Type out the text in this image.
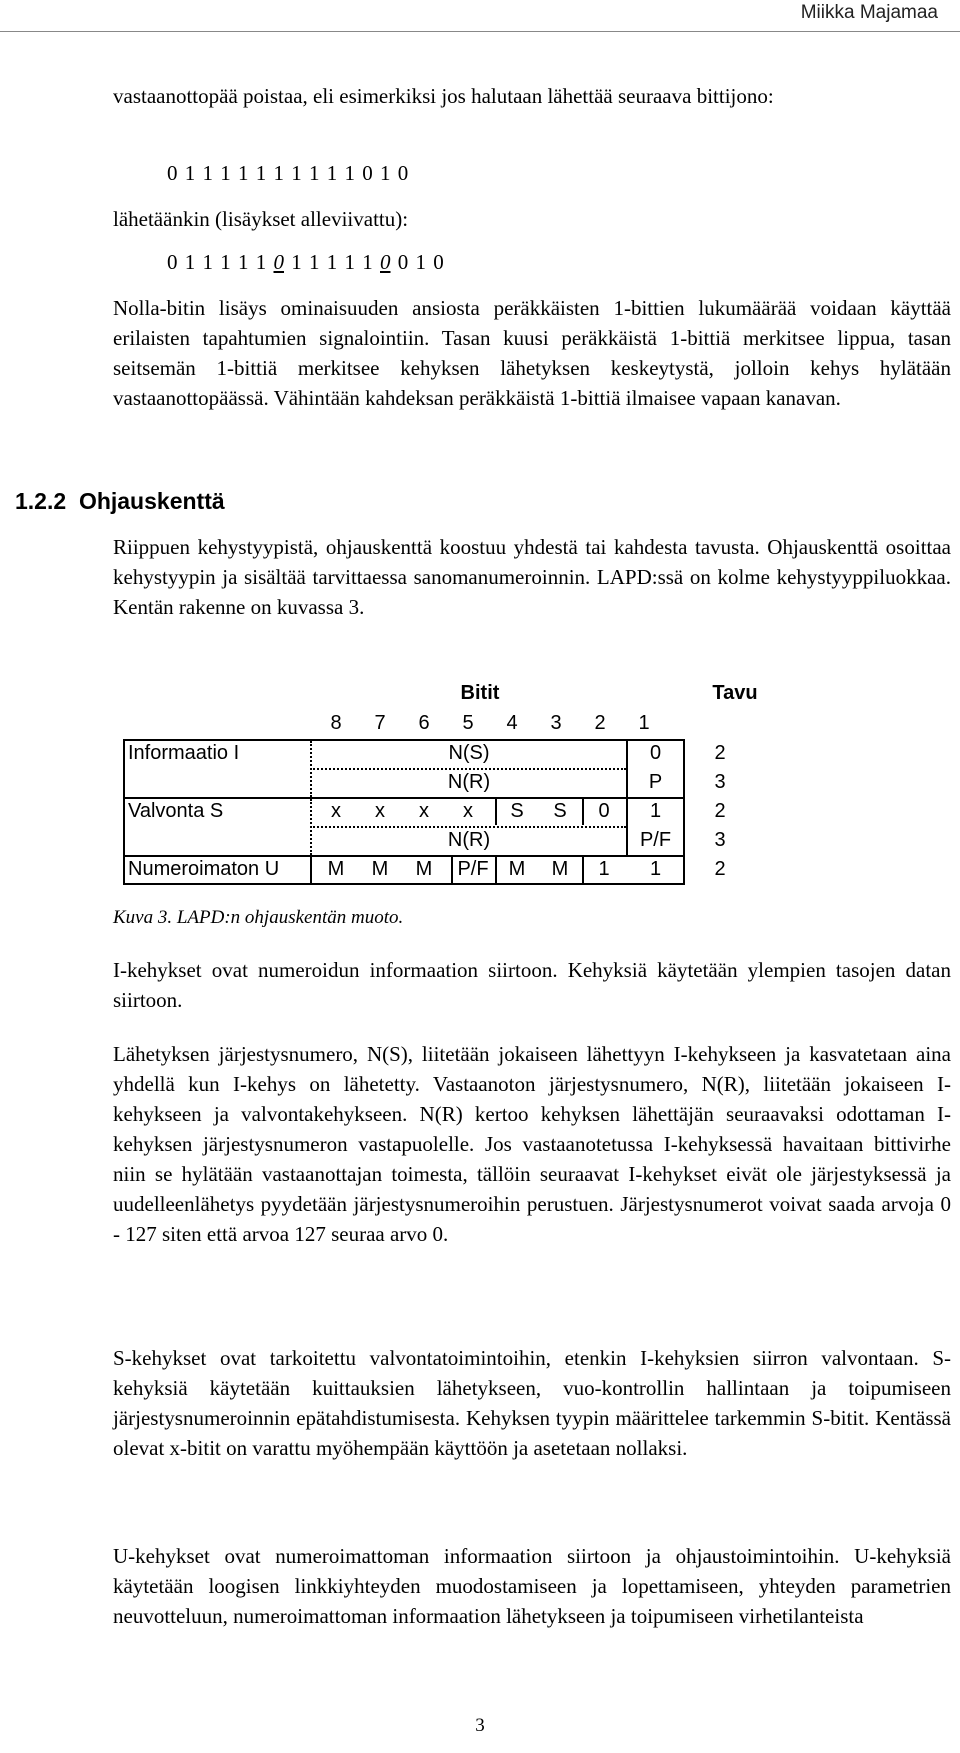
Miikka Majamaa

vastaanottopää poistaa, eli esimerkiksi jos halutaan lähettää seuraava bittijono:

0 1 1 1 1 1 1 1 1 1 1 0 1 0

lähetäänkin (lisäykset alleviivattu):

0 1 1 1 1 1 0 1 1 1 1 1 0 0 1 0

Nolla-bitin lisäys ominaisuuden ansiosta peräkkäisten 1-bittien lukumäärää voidaan käyttää erilaisten tapahtumien signalointiin. Tasan kuusi peräkkäistä 1-bittiä merkitsee lippua, tasan seitsemän 1-bittiä merkitsee kehyksen lähetyksen keskeytystä, jolloin kehys hylätään vastaanottopäässä. Vähintään kahdeksan peräkkäistä 1-bittiä ilmaisee vapaan kanavan.

1.2.2 Ohjauskenttä

Riippuen kehystyypistä, ohjauskenttä koostuu yhdestä tai kahdesta tavusta. Ohjauskenttä osoittaa kehystyypin ja sisältää tarvittaessa sanomanumeroinnin. LAPD:ssä on kolme kehystyyppiluokkaa. Kentän rakenne on kuvassa 3.

Bitit	Tavu
8	7	6	5	4	3	2	1
Informaatio I	N(S)	0	2
N(R)	P	3
Valvonta S	x	x	x	x	S	S	0	1	2
N(R)	P/F	3
Numeroimaton U	M	M	M	P/F	M	M	1	1	2
Kuva 3. LAPD:n ohjauskentän muoto.

I-kehykset ovat numeroidun informaation siirtoon. Kehyksiä käytetään ylempien tasojen datan siirtoon.

Lähetyksen järjestysnumero, N(S), liitetään jokaiseen lähettyyn I-kehykseen ja kasvatetaan aina yhdellä kun I-kehys on lähetetty. Vastaanoton järjestysnumero, N(R), liitetään jokaiseen I-kehykseen ja valvontakehykseen. N(R) kertoo kehyksen lähettäjän seuraavaksi odottaman I-kehyksen järjestysnumeron vastapuolelle. Jos vastaanotetussa I-kehyksessä havaitaan bittivirhe niin se hylätään vastaanottajan toimesta, tällöin seuraavat I-kehykset eivät ole järjestyksessä ja uudelleenlähetys pyydetään järjestysnumeroihin perustuen. Järjestysnumerot voivat saada arvoja 0 - 127 siten että arvoa 127 seuraa arvo 0.

S-kehykset ovat tarkoitettu valvontatoimintoihin, etenkin I-kehyksien siirron valvontaan. S-kehyksiä käytetään kuittauksien lähetykseen, vuo-kontrollin hallintaan ja toipumiseen järjestysnumeroinnin epätahdistumisesta. Kehyksen tyypin määrittelee tarkemmin S-bitit. Kentässä olevat x-bitit on varattu myöhempään käyttöön ja asetetaan nollaksi.

U-kehykset ovat numeroimattoman informaation siirtoon ja ohjaustoimintoihin. U-kehyksiä käytetään loogisen linkkiyhteyden muodostamiseen ja lopettamiseen, yhteyden parametrien neuvotteluun, numeroimattoman informaation lähetykseen ja toipumiseen virhetilanteista

3
